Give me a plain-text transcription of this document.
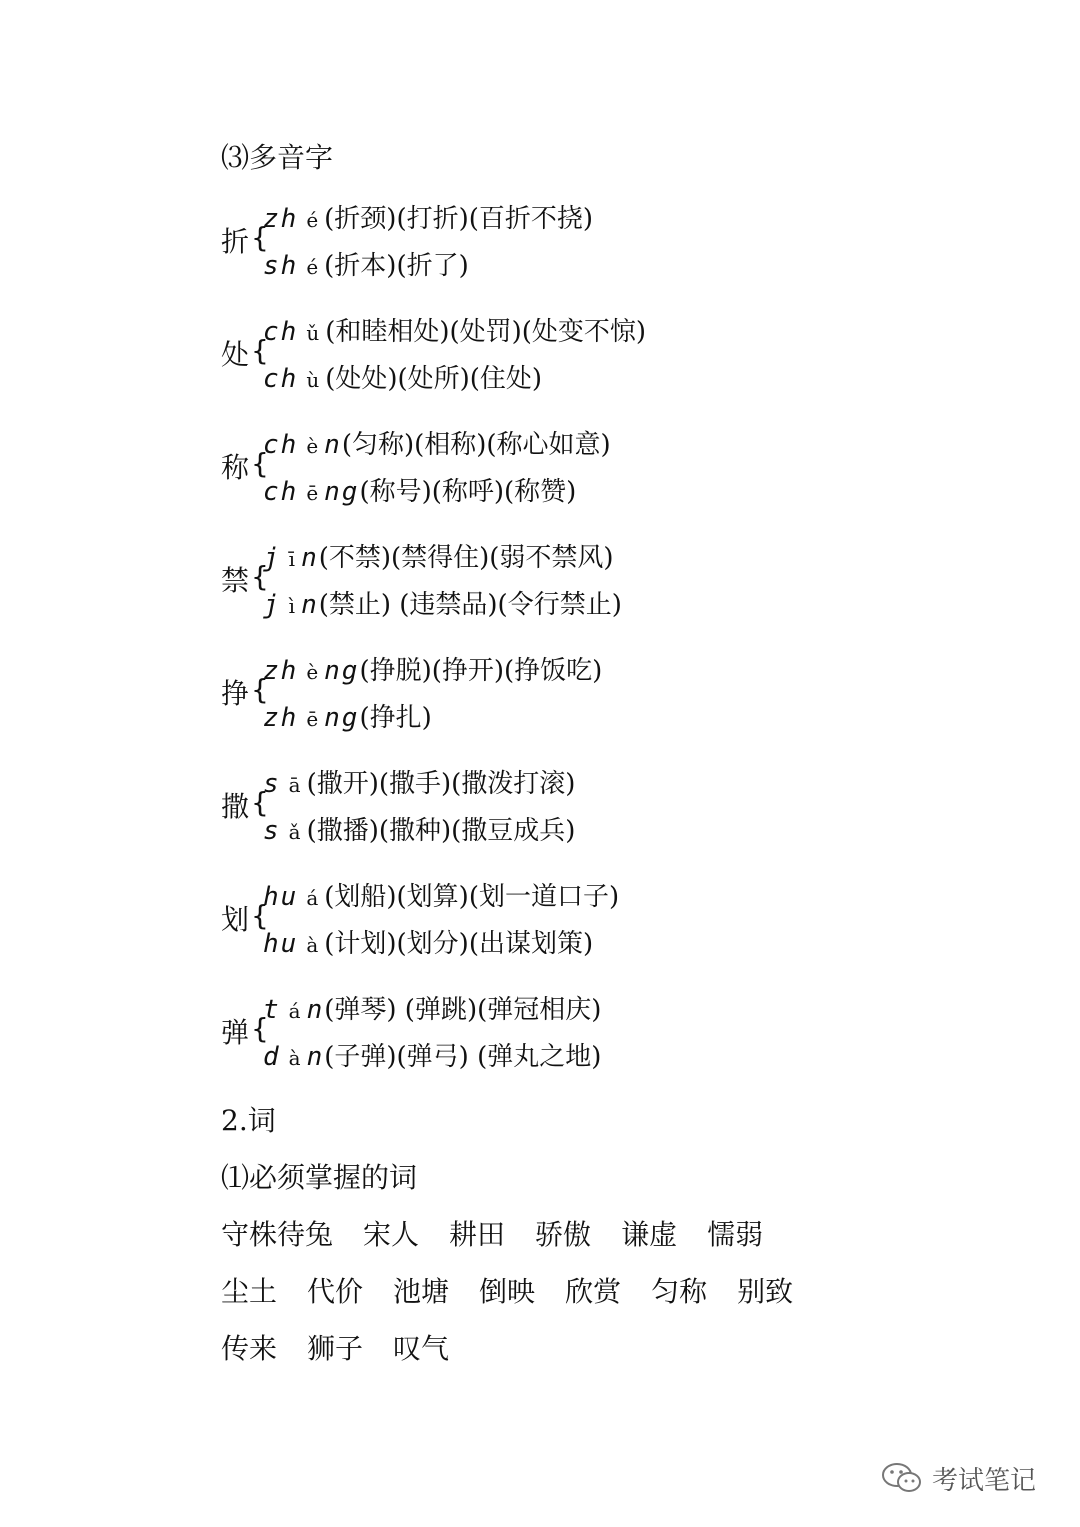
⑶多音字
折 {
zh é (折颈)(打折)(百折不挠)
sh é (折本)(折了)
处 {
ch ǔ (和睦相处)(处罚)(处变不惊)
ch ù (处处)(处所)(住处)
称 {
ch è n(匀称)(相称)(称心如意)
ch ē ng(称号)(称呼)(称赞)
禁 {
j ī n(不禁)(禁得住)(弱不禁风)
j ì n(禁止) (违禁品)(令行禁止)
挣 {
zh è ng(挣脱)(挣开)(挣饭吃)
zh ē ng(挣扎)
撒 {
s ā (撒开)(撒手)(撒泼打滚)
s ǎ (撒播)(撒种)(撒豆成兵)
划 {
hu á (划船)(划算)(划一道口子)
hu à (计划)(划分)(出谋划策)
弹 {
t á n(弹琴) (弹跳)(弹冠相庆)
d à n(子弹)(弹弓) (弹丸之地)
2.词
⑴必须掌握的词
守株待兔 宋人 耕田 骄傲 谦虚 懦弱
尘土 代价 池塘 倒映 欣赏 匀称 别致
传来 狮子 叹气
考试笔记
